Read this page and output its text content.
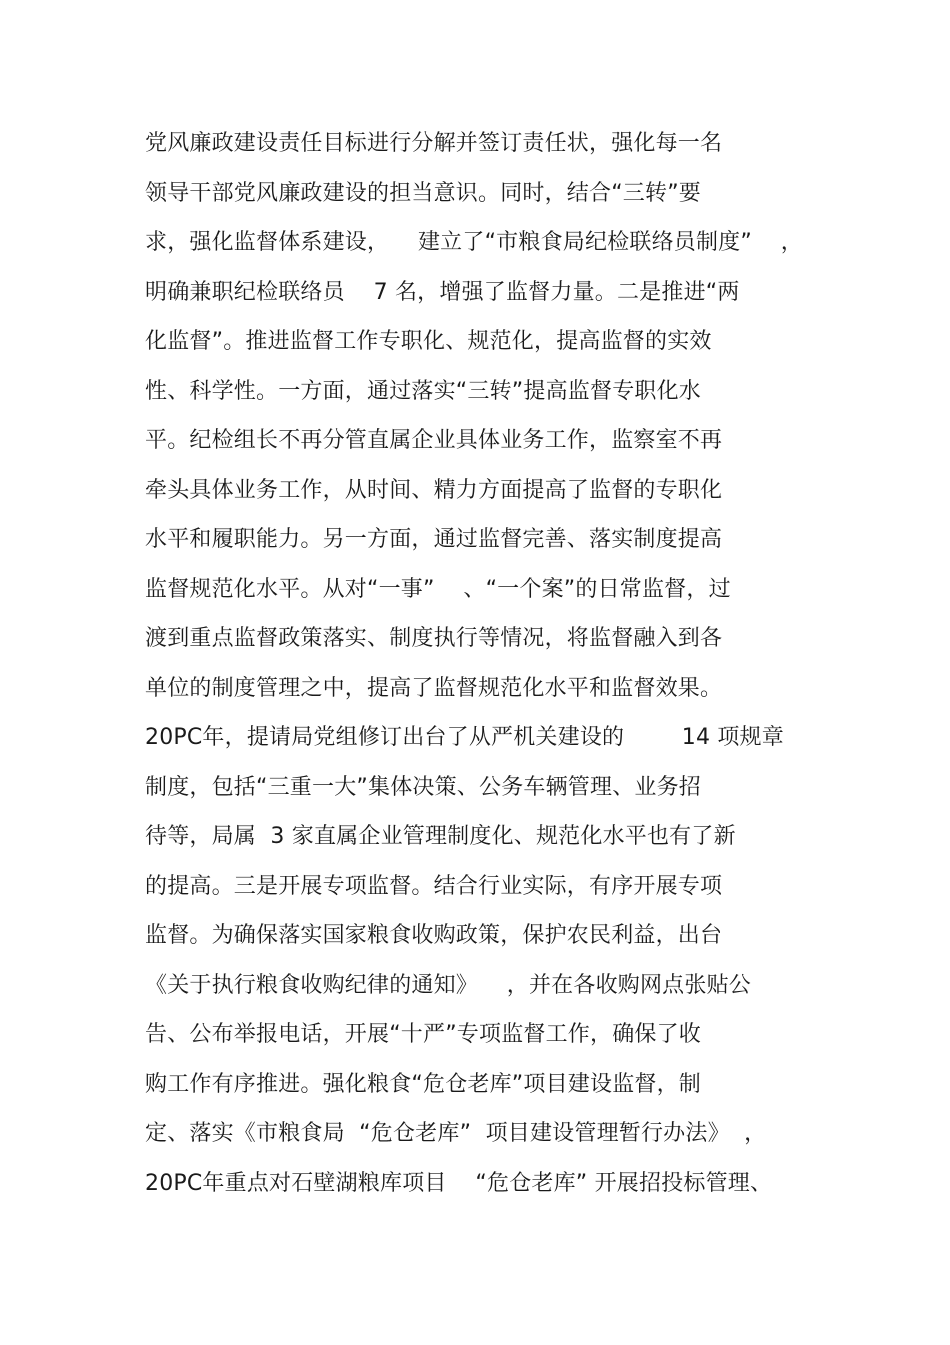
党风廉政建设责任目标进行分解并签订责任状，强化每一名
领导干部党风廉政建设的担当意识。同时，结合“三转”要
求，强化监督体系建设，    建立了“市粮食局纪检联络员制度”    ，
明确兼职纪检联络员    7 名，增强了监督力量。二是推进“两
化监督”。推进监督工作专职化、规范化，提高监督的实效
性、科学性。一方面，通过落实“三转”提高监督专职化水
平。纪检组长不再分管直属企业具体业务工作，监察室不再
牵头具体业务工作，从时间、精力方面提高了监督的专职化
水平和履职能力。另一方面，通过监督完善、落实制度提高
监督规范化水平。从对“一事”    、“一个案”的日常监督，过
渡到重点监督政策落实、制度执行等情况，将监督融入到各
单位的制度管理之中，提高了监督规范化水平和监督效果。
20PC年，提请局党组修订出台了从严机关建设的        14 项规章
制度，包括“三重一大”集体决策、公务车辆管理、业务招
待等，局属  3 家直属企业管理制度化、规范化水平也有了新
的提高。三是开展专项监督。结合行业实际，有序开展专项
监督。为确保落实国家粮食收购政策，保护农民利益，出台
《关于执行粮食收购纪律的通知》    ，并在各收购网点张贴公
告、公布举报电话，开展“十严”专项监督工作，确保了收
购工作有序推进。强化粮食“危仓老库”项目建设监督，制
定、落实《市粮食局  “危仓老库”  项目建设管理暂行办法》  ，
20PC年重点对石壁湖粮库项目    “危仓老库” 开展招投标管理、
